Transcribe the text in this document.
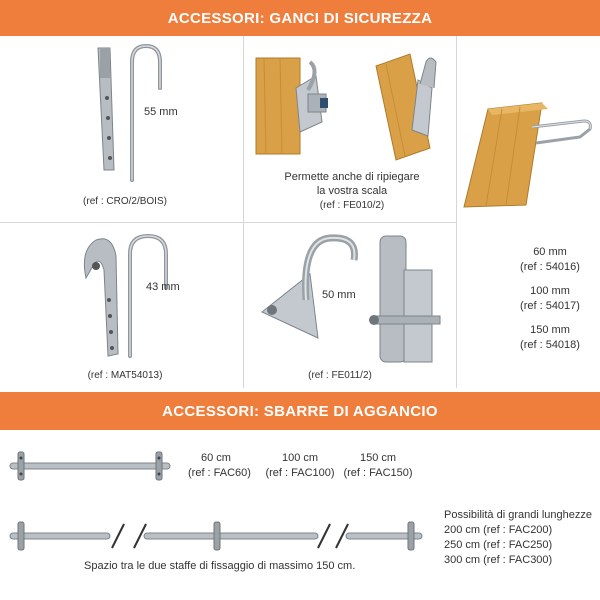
ACCESSORI: GANCI DI SICUREZZA
55 mm
(ref : CRO/2/BOIS)
Permette anche di ripiegare
la vostra scala
(ref : FE010/2)
60 mm
(ref : 54016)
100 mm
(ref : 54017)
150 mm
(ref : 54018)
43 mm
(ref : MAT54013)
50 mm
(ref : FE011/2)
ACCESSORI: SBARRE DI AGGANCIO
60 cm
(ref : FAC60)
100 cm
(ref : FAC100)
150 cm
(ref : FAC150)
Possibilità di grandi lunghezze
200 cm (ref : FAC200)
250 cm (ref : FAC250)
300 cm (ref : FAC300)
Spazio tra le due staffe di fissaggio di massimo 150 cm.
